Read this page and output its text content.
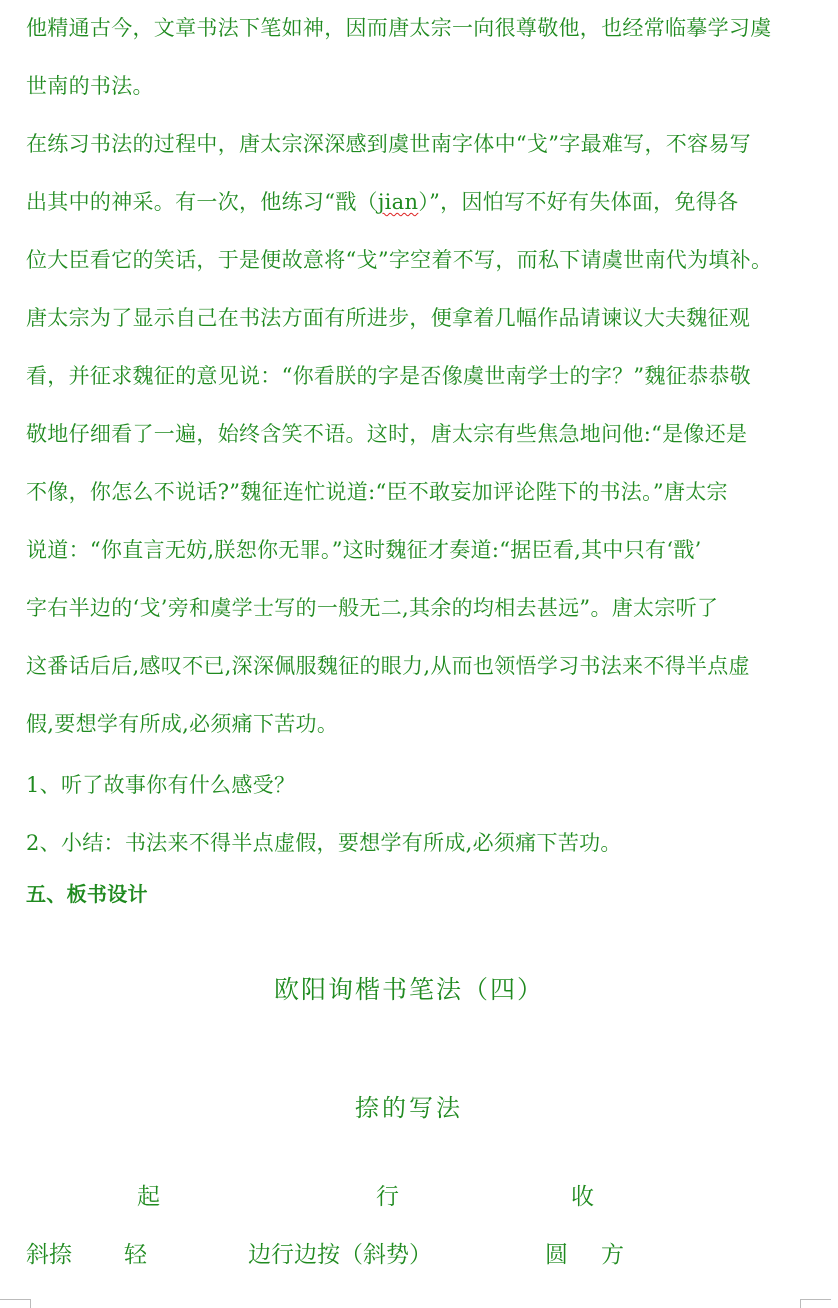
他精通古今，文章书法下笔如神，因而唐太宗一向很尊敬他，也经常临摹学习虞
世南的书法。
在练习书法的过程中，唐太宗深深感到虞世南字体中“戈”字最难写，不容易写
出其中的神采。有一次，他练习“戬（jian）”，因怕写不好有失体面，免得各
位大臣看它的笑话，于是便故意将“戈”字空着不写，而私下请虞世南代为填补。
唐太宗为了显示自己在书法方面有所进步，便拿着几幅作品请谏议大夫魏征观
看，并征求魏征的意见说：“你看朕的字是否像虞世南学士的字？”魏征恭恭敬
敬地仔细看了一遍，始终含笑不语。这时，唐太宗有些焦急地问他:“是像还是
不像，你怎么不说话?”魏征连忙说道:“臣不敢妄加评论陛下的书法。”唐太宗
说道：“你直言无妨,朕恕你无罪。”这时魏征才奏道:“据臣看,其中只有‘戬’
字右半边的‘戈’旁和虞学士写的一般无二,其余的均相去甚远”。唐太宗听了
这番话后后,感叹不已,深深佩服魏征的眼力,从而也领悟学习书法来不得半点虚
假,要想学有所成,必须痛下苦功。
1、听了故事你有什么感受？
2、小结：书法来不得半点虚假，要想学有所成,必须痛下苦功。
五、板书设计
欧阳询楷书笔法（四）
捺的写法
起	行	收
斜捺 轻	边行边按（斜势）	圆 方
